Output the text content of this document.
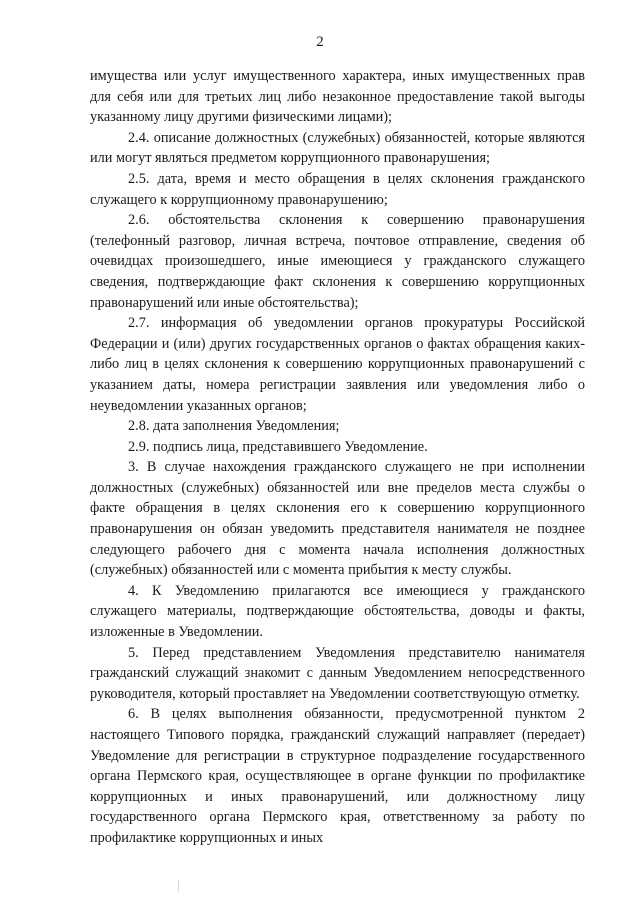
2

имущества или услуг имущественного характера, иных имущественных прав для себя или для третьих лиц либо незаконное предоставление такой выгоды указанному лицу другими физическими лицами);

2.4. описание должностных (служебных) обязанностей, которые являются или могут являться предметом коррупционного правонарушения;

2.5. дата, время и место обращения в целях склонения гражданского служащего к коррупционному правонарушению;

2.6. обстоятельства склонения к совершению правонарушения (телефонный разговор, личная встреча, почтовое отправление, сведения об очевидцах произошедшего, иные имеющиеся у гражданского служащего сведения, подтверждающие факт склонения к совершению коррупционных правонарушений или иные обстоятельства);

2.7. информация об уведомлении органов прокуратуры Российской Федерации и (или) других государственных органов о фактах обращения каких-либо лиц в целях склонения к совершению коррупционных правонарушений с указанием даты, номера регистрации заявления или уведомления либо о неуведомлении указанных органов;

2.8. дата заполнения Уведомления;

2.9. подпись лица, представившего Уведомление.

3. В случае нахождения гражданского служащего не при исполнении должностных (служебных) обязанностей или вне пределов места службы о факте обращения в целях склонения его к совершению коррупционного правонарушения он обязан уведомить представителя нанимателя не позднее следующего рабочего дня с момента начала исполнения должностных (служебных) обязанностей или с момента прибытия к месту службы.

4. К Уведомлению прилагаются все имеющиеся у гражданского служащего материалы, подтверждающие обстоятельства, доводы и факты, изложенные в Уведомлении.

5. Перед представлением Уведомления представителю нанимателя гражданский служащий знакомит с данным Уведомлением непосредственного руководителя, который проставляет на Уведомлении соответствующую отметку.

6. В целях выполнения обязанности, предусмотренной пунктом 2 настоящего Типового порядка, гражданский служащий направляет (передает) Уведомление для регистрации в структурное подразделение государственного органа Пермского края, осуществляющее в органе функции по профилактике коррупционных и иных правонарушений, или должностному лицу государственного органа Пермского края, ответственному за работу по профилактике коррупционных и иных
